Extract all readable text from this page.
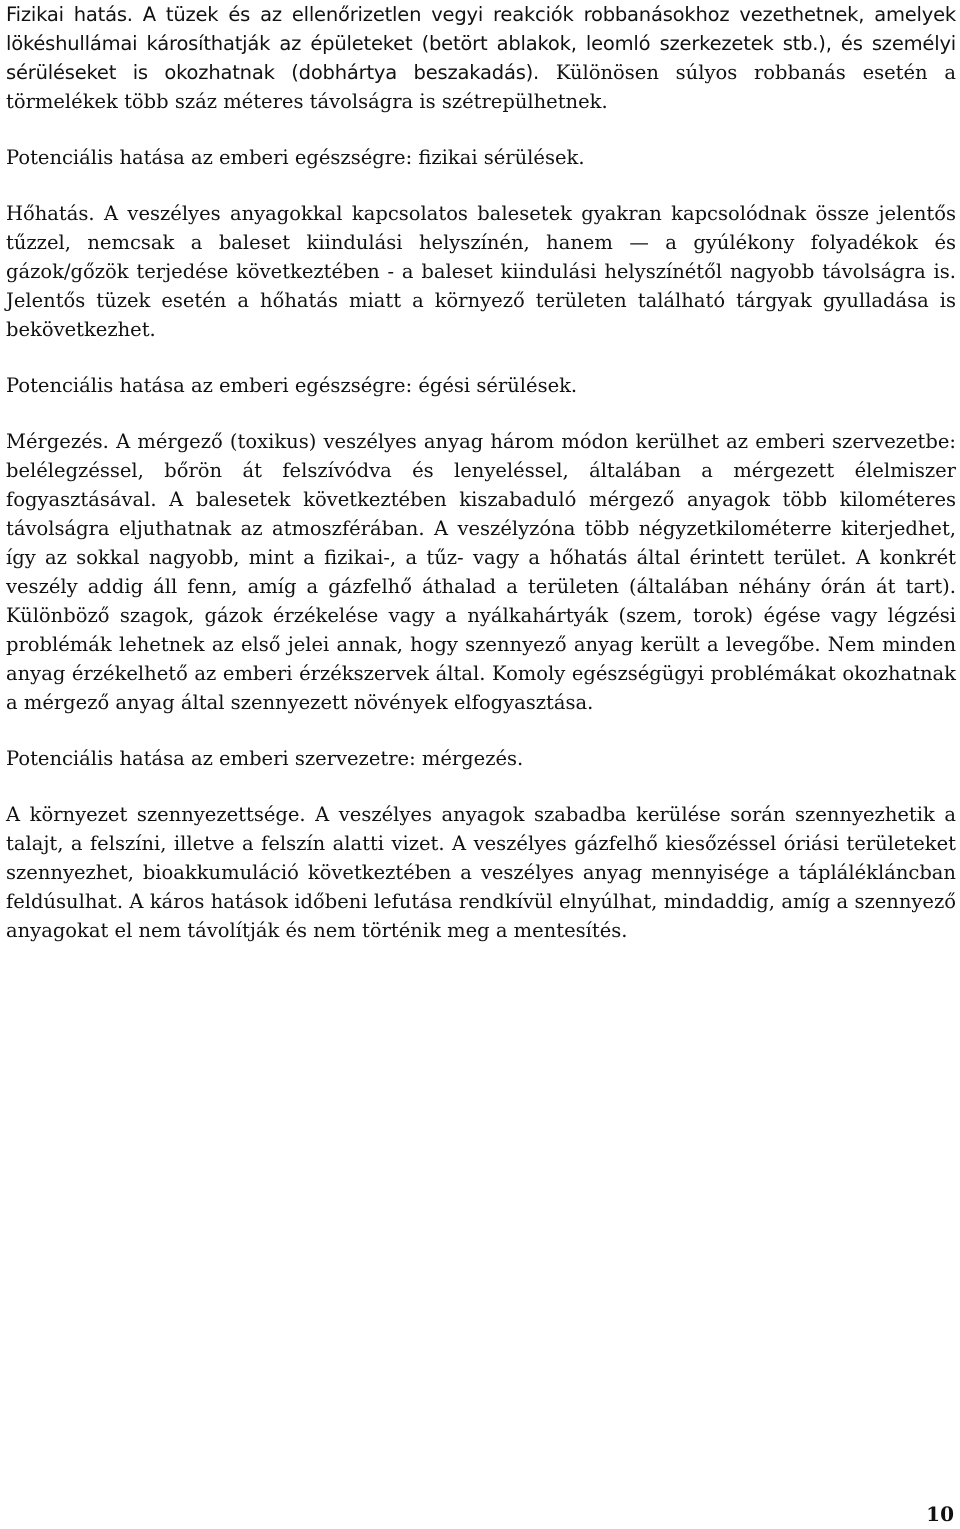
Fizikai hatás. A tüzek és az ellenőrizetlen vegyi reakciók robbanásokhoz vezethetnek, amelyek lökéshullámai károsíthatják az épületeket (betört ablakok, leomló szerkezetek stb.), és személyi sérüléseket is okozhatnak (dobhártya beszakadás). Különösen súlyos robbanás esetén a törmelékek több száz méteres távolságra is szétrepülhetnek.

Potenciális hatása az emberi egészségre: fizikai sérülések.

Hőhatás. A veszélyes anyagokkal kapcsolatos balesetek gyakran kapcsolódnak össze jelentős tűzzel, nemcsak a baleset kiindulási helyszínén, hanem — a gyúlékony folyadékok és gázok/gőzök terjedése következtében - a baleset kiindulási helyszínétől nagyobb távolságra is. Jelentős tüzek esetén a hőhatás miatt a környező területen található tárgyak gyulladása is bekövetkezhet.

Potenciális hatása az emberi egészségre: égési sérülések.

Mérgezés. A mérgező (toxikus) veszélyes anyag három módon kerülhet az emberi szervezetbe: belélegzéssel, bőrön át felszívódva és lenyeléssel, általában a mérgezett élelmiszer fogyasztásával. A balesetek következtében kiszabaduló mérgező anyagok több kilométeres távolságra eljuthatnak az atmoszférában. A veszélyzóna több négyzetkilométerre kiterjedhet, így az sokkal nagyobb, mint a fizikai-, a tűz- vagy a hőhatás által érintett terület. A konkrét veszély addig áll fenn, amíg a gázfelhő áthalad a területen (általában néhány órán át tart). Különböző szagok, gázok érzékelése vagy a nyálkahártyák (szem, torok) égése vagy légzési problémák lehetnek az első jelei annak, hogy szennyező anyag került a levegőbe. Nem minden anyag érzékelhető az emberi érzékszervek által. Komoly egészségügyi problémákat okozhatnak a mérgező anyag által szennyezett növények elfogyasztása.

Potenciális hatása az emberi szervezetre: mérgezés.

A környezet szennyezettsége. A veszélyes anyagok szabadba kerülése során szennyezhetik a talajt, a felszíni, illetve a felszín alatti vizet. A veszélyes gázfelhő kiesőzéssel óriási területeket szennyezhet, bioakkumuláció következtében a veszélyes anyag mennyisége a táplálékláncban feldúsulhat. A káros hatások időbeni lefutása rendkívül elnyúlhat, mindaddig, amíg a szennyező anyagokat el nem távolítják és nem történik meg a mentesítés.

10
